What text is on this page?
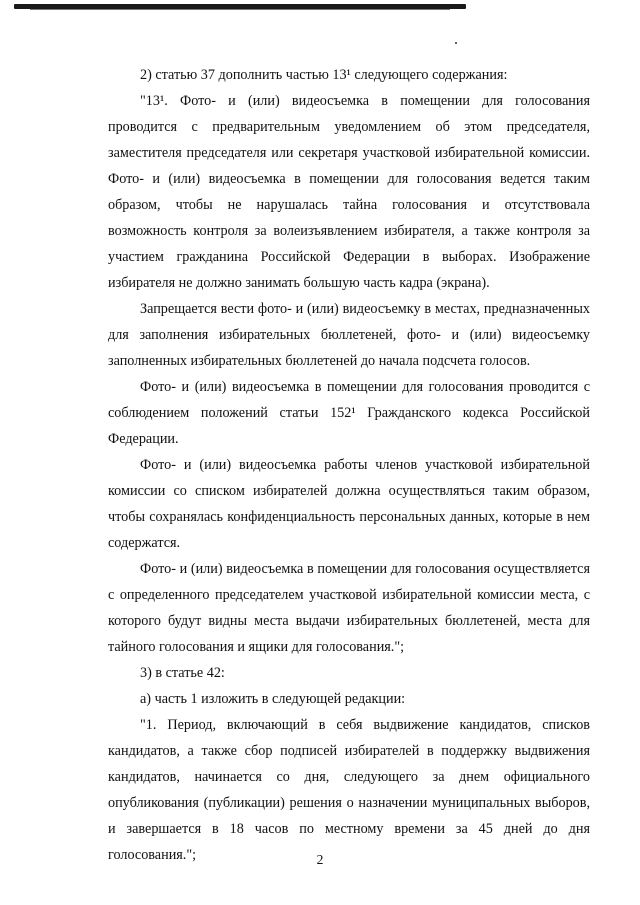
2) статью 37 дополнить частью 13¹ следующего содержания:

"13¹. Фото- и (или) видеосъемка в помещении для голосования проводится с предварительным уведомлением об этом председателя, заместителя председателя или секретаря участковой избирательной комиссии. Фото- и (или) видеосъемка в помещении для голосования ведется таким образом, чтобы не нарушалась тайна голосования и отсутствовала возможность контроля за волеизъявлением избирателя, а также контроля за участием гражданина Российской Федерации в выборах. Изображение избирателя не должно занимать большую часть кадра (экрана).

Запрещается вести фото- и (или) видеосъемку в местах, предназначенных для заполнения избирательных бюллетеней, фото- и (или) видеосъемку заполненных избирательных бюллетеней до начала подсчета голосов.

Фото- и (или) видеосъемка в помещении для голосования проводится с соблюдением положений статьи 152¹ Гражданского кодекса Российской Федерации.

Фото- и (или) видеосъемка работы членов участковой избирательной комиссии со списком избирателей должна осуществляться таким образом, чтобы сохранялась конфиденциальность персональных данных, которые в нем содержатся.

Фото- и (или) видеосъемка в помещении для голосования осуществляется с определенного председателем участковой избирательной комиссии места, с которого будут видны места выдачи избирательных бюллетеней, места для тайного голосования и ящики для голосования.";

3) в статье 42:

а) часть 1 изложить в следующей редакции:

"1. Период, включающий в себя выдвижение кандидатов, списков кандидатов, а также сбор подписей избирателей в поддержку выдвижения кандидатов, начинается со дня, следующего за днем официального опубликования (публикации) решения о назначении муниципальных выборов, и завершается в 18 часов по местному времени за 45 дней до дня голосования.";	2
